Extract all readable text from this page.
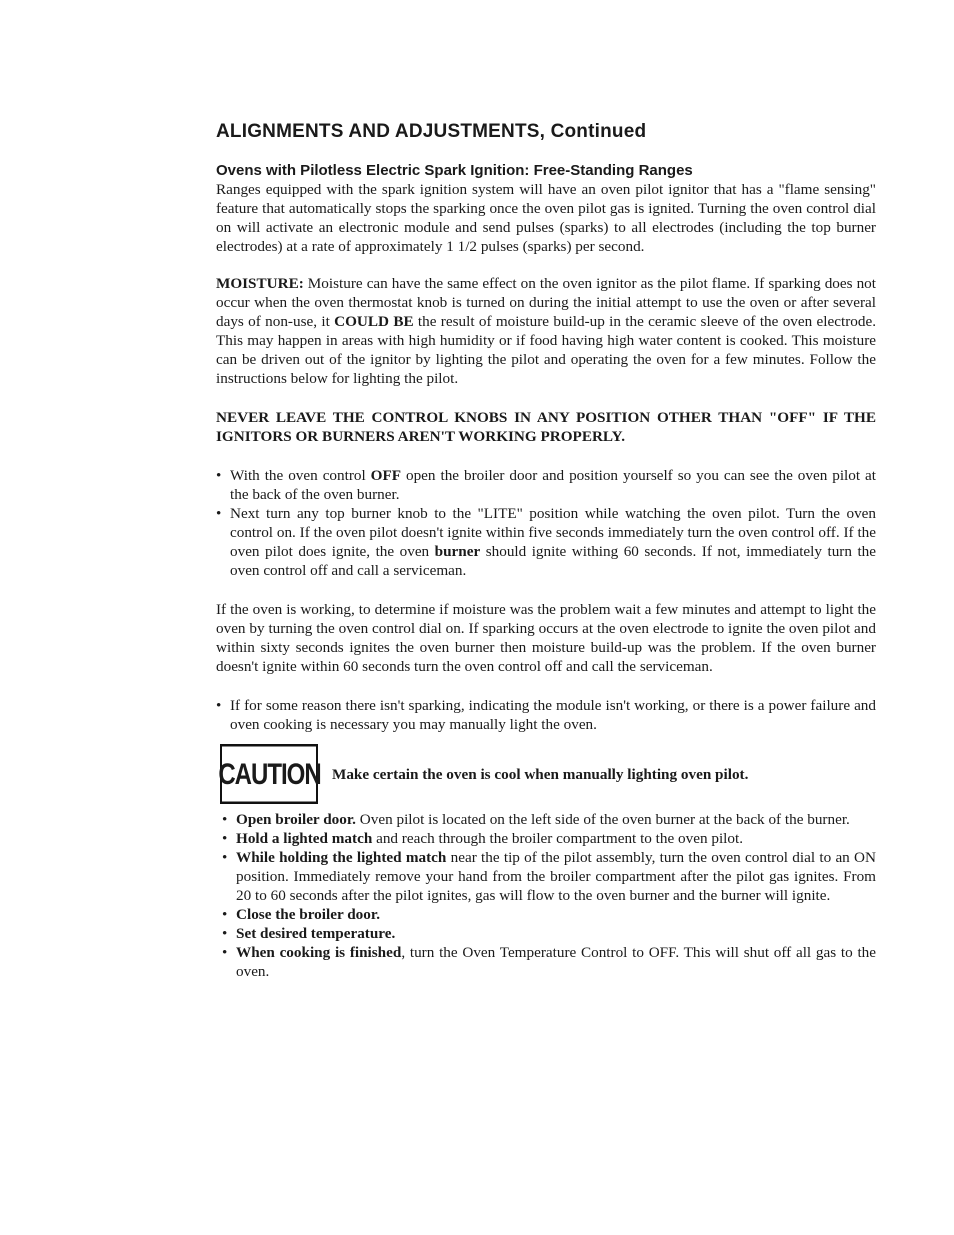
ALIGNMENTS AND ADJUSTMENTS, Continued
Ovens with Pilotless Electric Spark Ignition: Free-Standing Ranges

Ranges equipped with the spark ignition system will have an oven pilot ignitor that has a "flame sensing" feature that automatically stops the sparking once the oven pilot gas is ignited. Turning the oven control dial on will activate an electronic module and send pulses (sparks) to all electrodes (including the top burner electrodes) at a rate of approximately 1 1/2 pulses (sparks) per second.

MOISTURE: Moisture can have the same effect on the oven ignitor as the pilot flame. If sparking does not occur when the oven thermostat knob is turned on during the initial attempt to use the oven or after several days of non-use, it COULD BE the result of moisture build-up in the ceramic sleeve of the oven electrode. This may happen in areas with high humidity or if food having high water content is cooked. This moisture can be driven out of the ignitor by lighting the pilot and operating the oven for a few minutes. Follow the instructions below for lighting the pilot.

NEVER LEAVE THE CONTROL KNOBS IN ANY POSITION OTHER THAN "OFF" IF THE IGNITORS OR BURNERS AREN'T WORKING PROPERLY.

• With the oven control OFF open the broiler door and position yourself so you can see the oven pilot at the back of the oven burner.
• Next turn any top burner knob to the "LITE" position while watching the oven pilot. Turn the oven control on. If the oven pilot doesn't ignite within five seconds immediately turn the oven control off. If the oven pilot does ignite, the oven burner should ignite withing 60 seconds. If not, immediately turn the oven control off and call a serviceman.

If the oven is working, to determine if moisture was the problem wait a few minutes and attempt to light the oven by turning the oven control dial on. If sparking occurs at the oven electrode to ignite the oven pilot and within sixty seconds ignites the oven burner then moisture build-up was the problem. If the oven burner doesn't ignite within 60 seconds turn the oven control off and call the serviceman.

• If for some reason there isn't sparking, indicating the module isn't working, or there is a power failure and oven cooking is necessary you may manually light the oven.
CAUTION Make certain the oven is cool when manually lighting oven pilot.
• Open broiler door. Oven pilot is located on the left side of the oven burner at the back of the burner.
• Hold a lighted match and reach through the broiler compartment to the oven pilot.
• While holding the lighted match near the tip of the pilot assembly, turn the oven control dial to an ON position. Immediately remove your hand from the broiler compartment after the pilot gas ignites. From 20 to 60 seconds after the pilot ignites, gas will flow to the oven burner and the burner will ignite.
• Close the broiler door.
• Set desired temperature.
• When cooking is finished, turn the Oven Temperature Control to OFF. This will shut off all gas to the oven.
